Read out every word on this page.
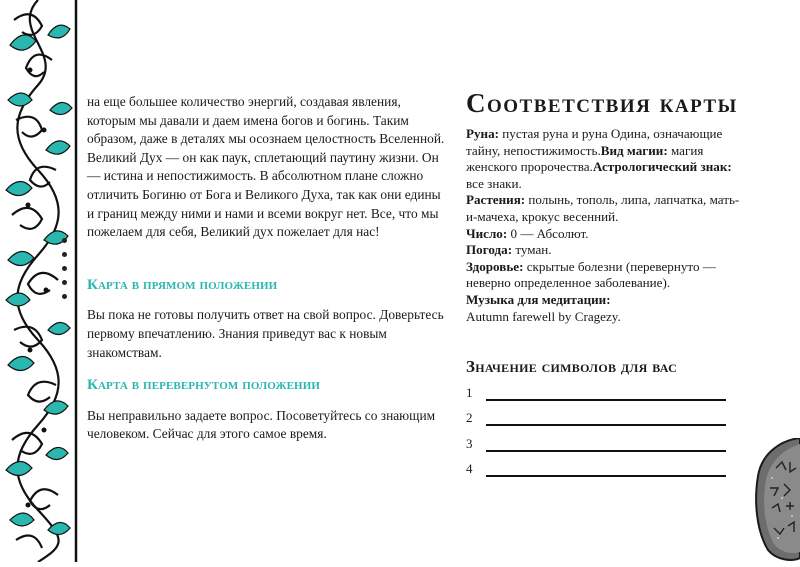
на еще большее количество энергий, создавая явления, которым мы давали и даем имена богов и богинь. Таким образом, даже в деталях мы осознаем целостность Вселенной. Великий Дух — он как паук, сплетающий паутину жизни. Он — истина и непостижимость. В абсолютном плане сложно отличить Богиню от Бога и Великого Духа, так как они едины и границ между ними и нами и всеми вокруг нет. Все, что мы пожелаем для себя, Великий дух пожелает для нас!

Карта в прямом положении

Вы пока не готовы получить ответ на свой вопрос. Доверьтесь первому впечатлению. Знания приведут вас к новым знакомствам.

Карта в перевернутом положении

Вы неправильно задаете вопрос. Посоветуйтесь со знающим человеком. Сейчас для этого самое время.

Соответствия карты
Руна: пустая руна и руна Одина, означающие тайну, непостижимость.Вид магии: магия женского пророчества.Астрологический знак: все знаки.
Растения: полынь, тополь, липа, лапчатка, мать-и-мачеха, крокус весенний.
Число: 0 — Абсолют.
Погода: туман.
Здоровье: скрытые болезни (перевернуто — неверно определенное заболевание).
Музыка для медитации:
Autumn farewell by Cragezy.
Значение символов для вас
1
2
3
4
